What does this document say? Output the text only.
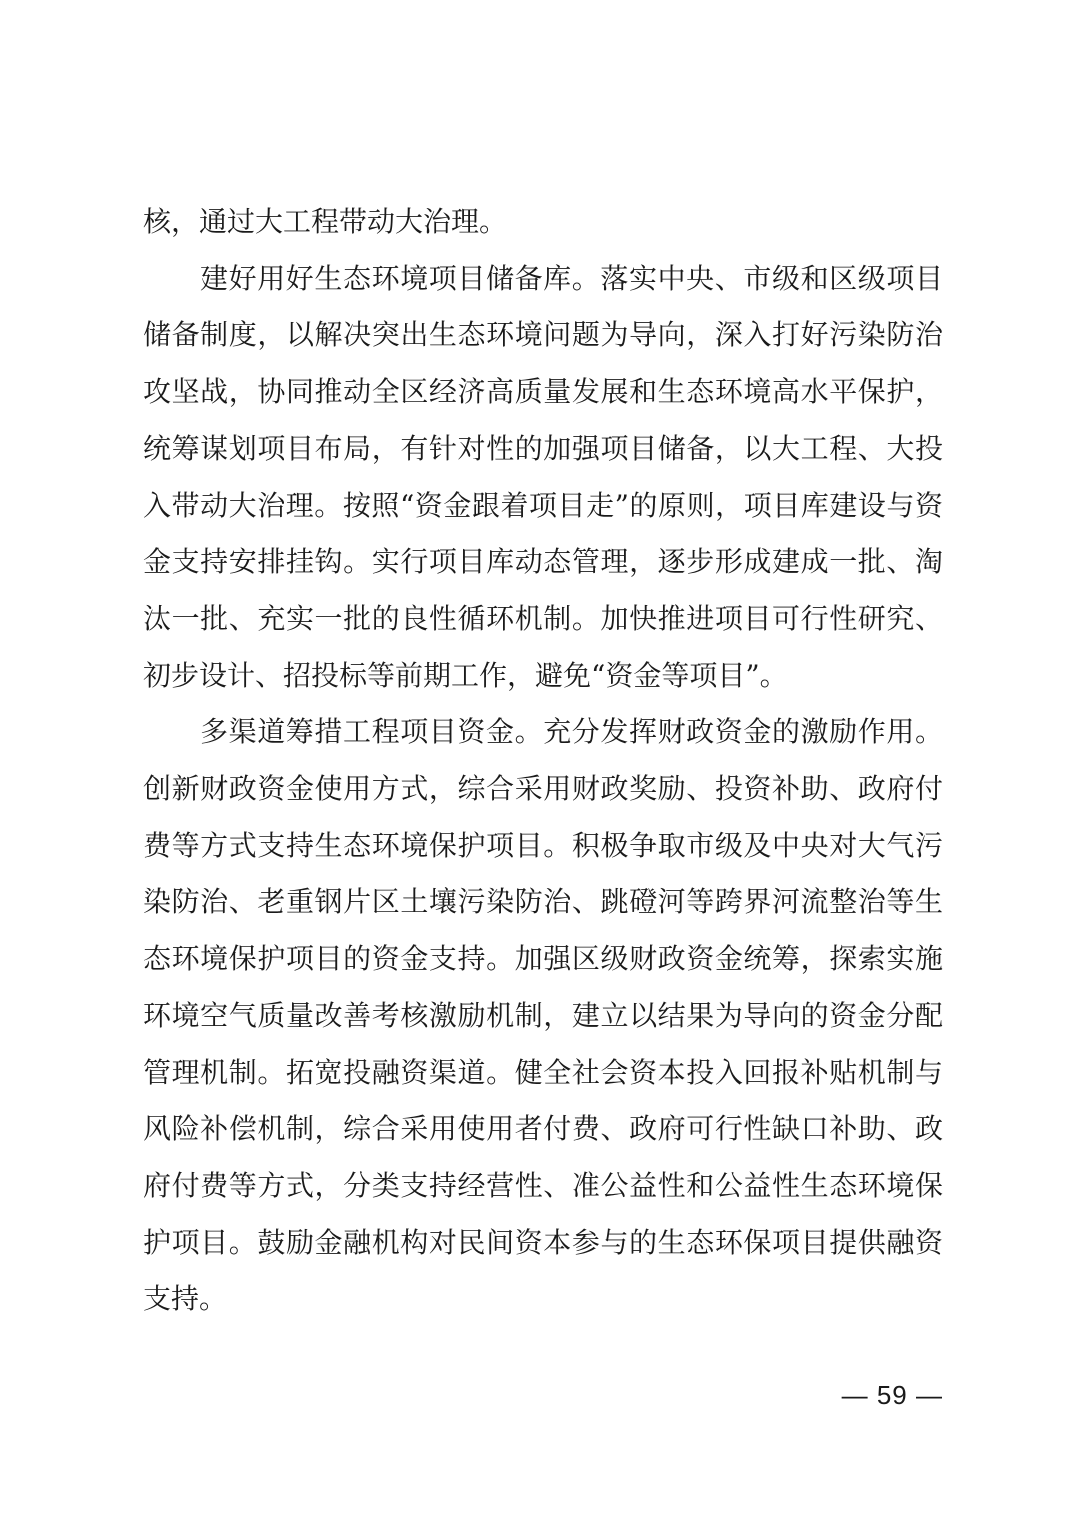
核，通过大工程带动大治理。

建好用好生态环境项目储备库。落实中央、市级和区级项目储备制度，以解决突出生态环境问题为导向，深入打好污染防治攻坚战，协同推动全区经济高质量发展和生态环境高水平保护，统筹谋划项目布局，有针对性的加强项目储备，以大工程、大投入带动大治理。按照“资金跟着项目走”的原则，项目库建设与资金支持安排挂钩。实行项目库动态管理，逐步形成建成一批、淘汰一批、充实一批的良性循环机制。加快推进项目可行性研究、初步设计、招投标等前期工作，避免“资金等项目”。

多渠道筹措工程项目资金。充分发挥财政资金的激励作用。创新财政资金使用方式，综合采用财政奖励、投资补助、政府付费等方式支持生态环境保护项目。积极争取市级及中央对大气污染防治、老重钢片区土壤污染防治、跳磴河等跨界河流整治等生态环境保护项目的资金支持。加强区级财政资金统筹，探索实施环境空气质量改善考核激励机制，建立以结果为导向的资金分配管理机制。拓宽投融资渠道。健全社会资本投入回报补贴机制与风险补偿机制，综合采用使用者付费、政府可行性缺口补助、政府付费等方式，分类支持经营性、准公益性和公益性生态环境保护项目。鼓励金融机构对民间资本参与的生态环保项目提供融资支持。

— 59 —
